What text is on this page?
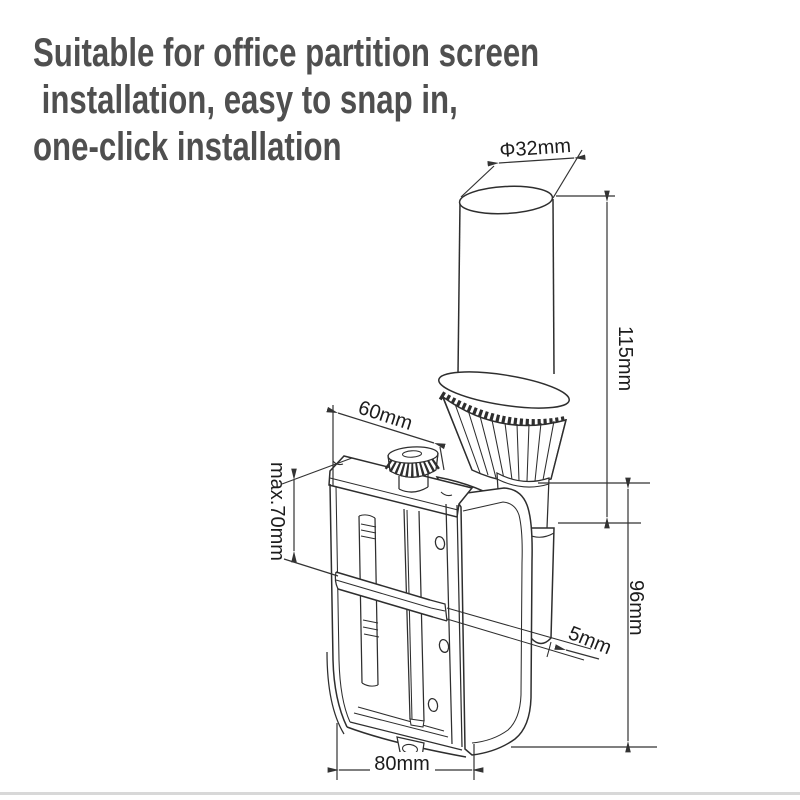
Φ32mm
115mm
60mm
max.70mm
5mm
96mm
80mm
Suitable for office partition screen
installation, easy to snap in,
one-click installation
